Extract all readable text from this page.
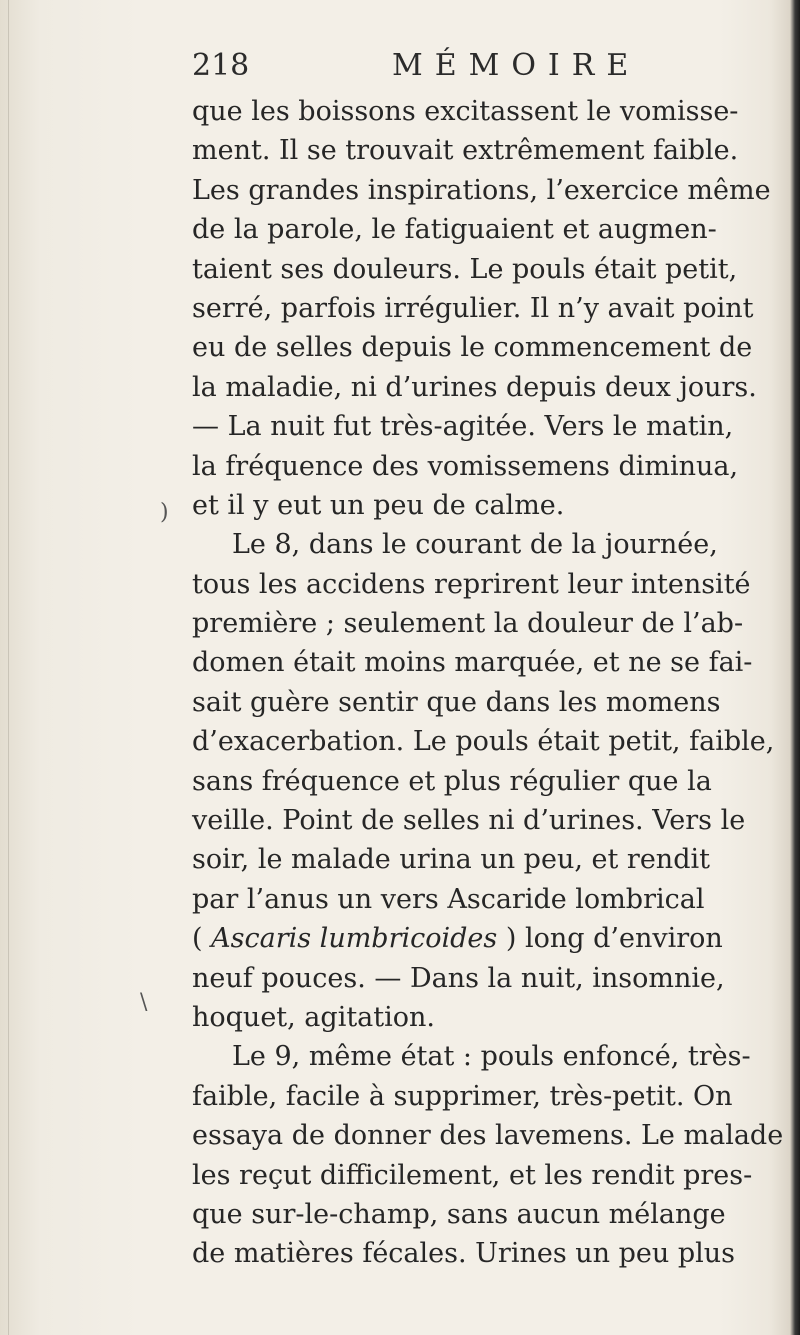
218	MÉMOIRE
que les boissons excitassent le vomisse-
ment. Il se trouvait extrêmement faible.
Les grandes inspirations, l’exercice même
de la parole, le fatiguaient et augmen-
taient ses douleurs. Le pouls était petit,
serré, parfois irrégulier. Il n’y avait point
eu de selles depuis le commencement de
la maladie, ni d’urines depuis deux jours.
— La nuit fut très-agitée. Vers le matin,
la fréquence des vomissemens diminua,
et il y eut un peu de calme.
Le 8, dans le courant de la journée,
tous les accidens reprirent leur intensité
première ; seulement la douleur de l’ab-
domen était moins marquée, et ne se fai-
sait guère sentir que dans les momens
d’exacerbation. Le pouls était petit, faible,
sans fréquence et plus régulier que la
veille. Point de selles ni d’urines. Vers le
soir, le malade urina un peu, et rendit
par l’anus un vers Ascaride lombrical
( Ascaris lumbricoides ) long d’environ
neuf pouces. — Dans la nuit, insomnie,
hoquet, agitation.
Le 9, même état : pouls enfoncé, très-
faible, facile à supprimer, très-petit. On
essaya de donner des lavemens. Le malade
les reçut difficilement, et les rendit pres-
que sur-le-champ, sans aucun mélange
de matières fécales. Urines un peu plus
)
\
